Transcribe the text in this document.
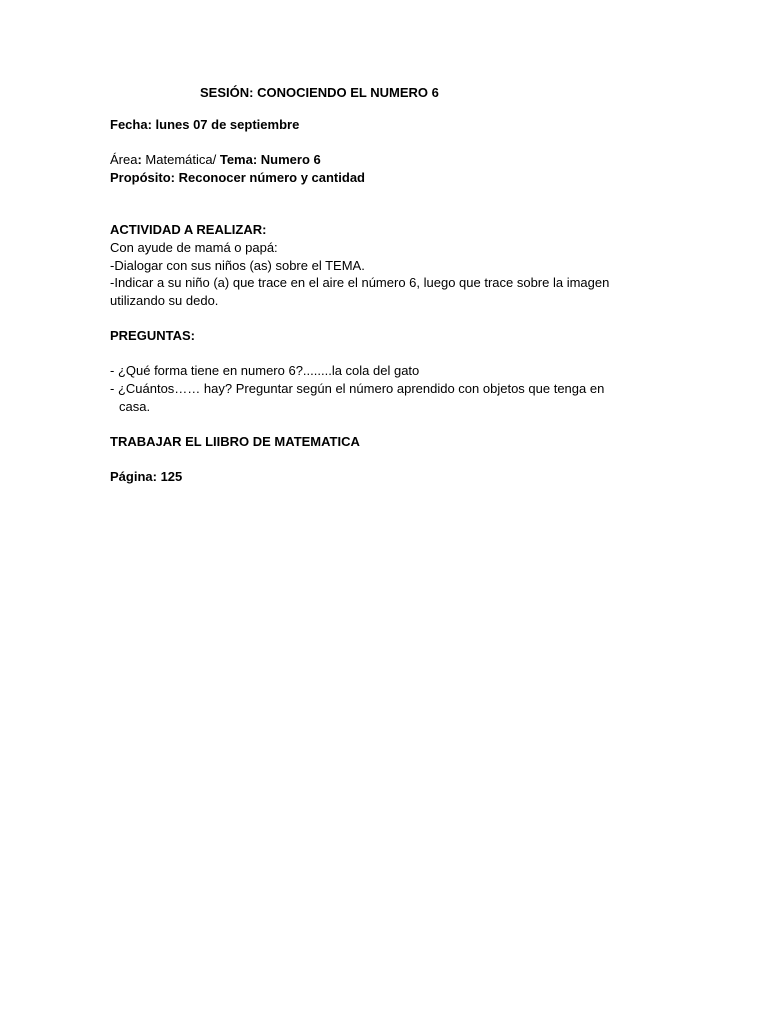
SESIÓN: CONOCIENDO EL NUMERO 6
Fecha: lunes 07 de septiembre
Área: Matemática/ Tema: Numero 6
Propósito: Reconocer número y cantidad
ACTIVIDAD A REALIZAR:
Con ayude de mamá o papá:
-Dialogar con sus niños (as) sobre el TEMA.
-Indicar a su niño (a) que trace en el aire el número 6, luego que trace sobre la imagen
utilizando su dedo.
PREGUNTAS:
- ¿Qué forma tiene en numero 6?........la cola del gato
- ¿Cuántos…… hay? Preguntar según el número aprendido con objetos que tenga en
casa.
TRABAJAR EL LIIBRO DE MATEMATICA
Página: 125
